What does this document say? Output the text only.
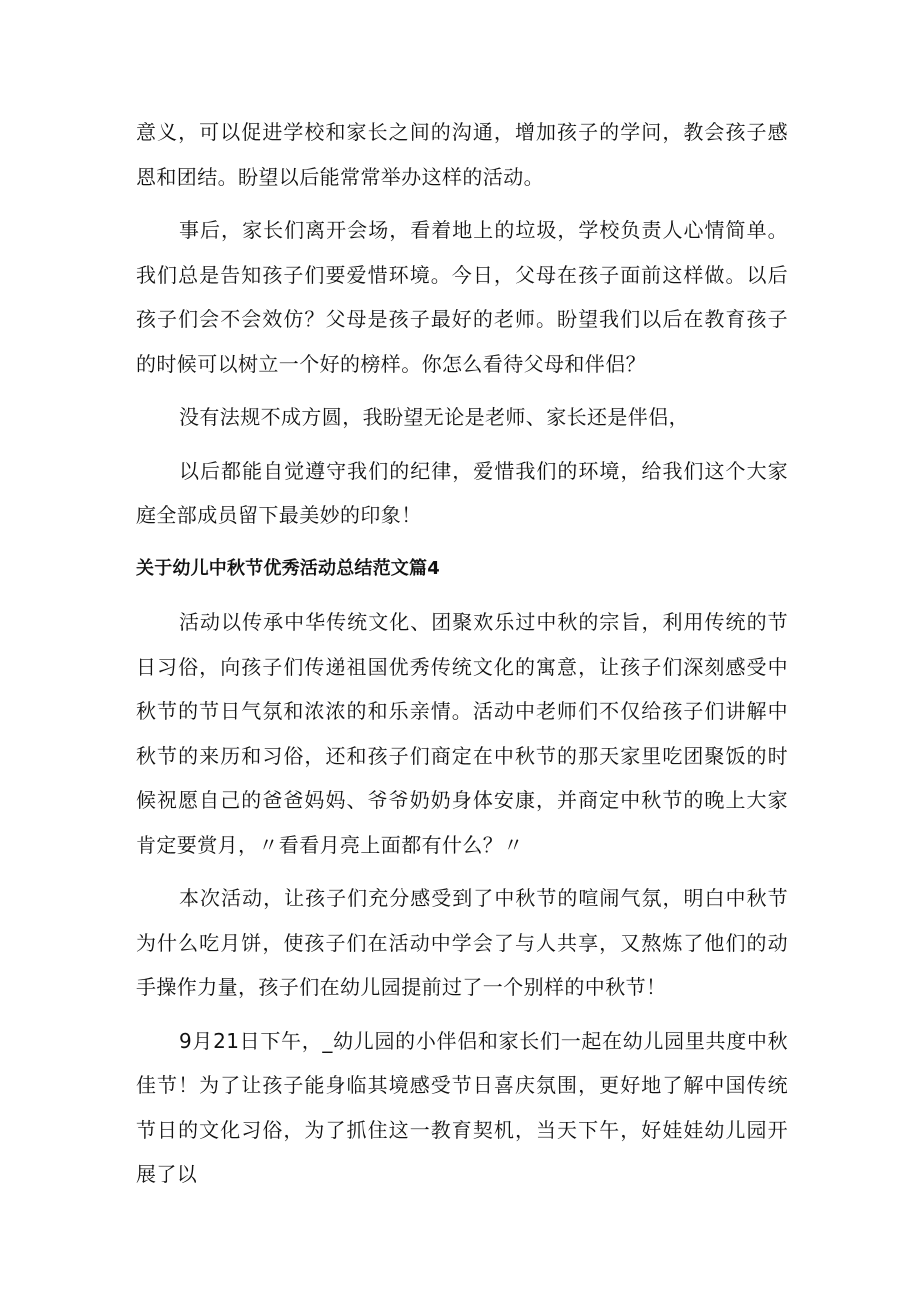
意义，可以促进学校和家长之间的沟通，增加孩子的学问，教会孩子感恩和团结。盼望以后能常常举办这样的活动。

事后，家长们离开会场，看着地上的垃圾，学校负责人心情简单。我们总是告知孩子们要爱惜环境。今日，父母在孩子面前这样做。以后孩子们会不会效仿？父母是孩子最好的老师。盼望我们以后在教育孩子的时候可以树立一个好的榜样。你怎么看待父母和伴侣？

没有法规不成方圆，我盼望无论是老师、家长还是伴侣，

以后都能自觉遵守我们的纪律，爱惜我们的环境，给我们这个大家庭全部成员留下最美妙的印象！

关于幼儿中秋节优秀活动总结范文篇4

活动以传承中华传统文化、团聚欢乐过中秋的宗旨，利用传统的节日习俗，向孩子们传递祖国优秀传统文化的寓意，让孩子们深刻感受中秋节的节日气氛和浓浓的和乐亲情。活动中老师们不仅给孩子们讲解中秋节的来历和习俗，还和孩子们商定在中秋节的那天家里吃团聚饭的时候祝愿自己的爸爸妈妈、爷爷奶奶身体安康，并商定中秋节的晚上大家肯定要赏月，〃看看月亮上面都有什么？〃

本次活动，让孩子们充分感受到了中秋节的喧闹气氛，明白中秋节为什么吃月饼，使孩子们在活动中学会了与人共享，又熬炼了他们的动手操作力量，孩子们在幼儿园提前过了一个别样的中秋节！

9月21日下午，_幼儿园的小伴侣和家长们一起在幼儿园里共度中秋佳节！为了让孩子能身临其境感受节日喜庆氛围，更好地了解中国传统节日的文化习俗，为了抓住这一教育契机，当天下午，好娃娃幼儿园开展了以
